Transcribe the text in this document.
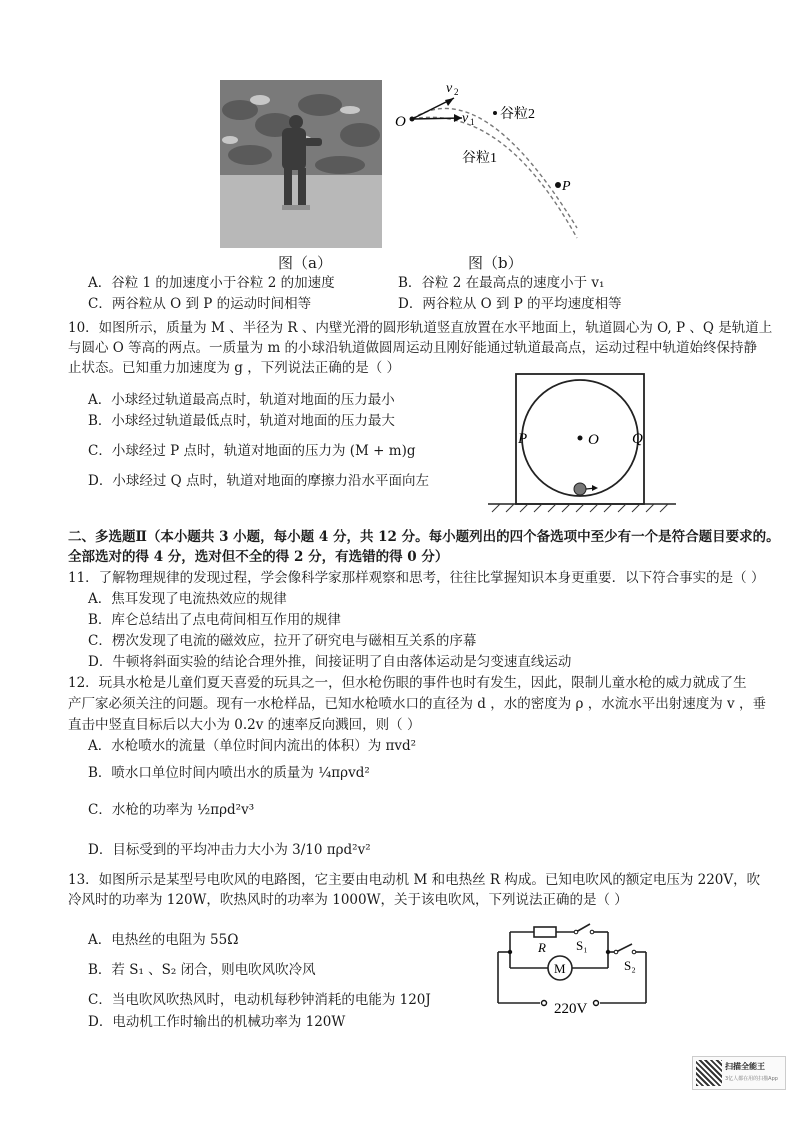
图（a）
O
v 2
v 1 谷粒2
谷粒1
P
图（b）
A．谷粒 1 的加速度小于谷粒 2 的加速度	B．谷粒 2 在最高点的速度小于 v₁
C．两谷粒从 O 到 P 的运动时间相等	D．两谷粒从 O 到 P 的平均速度相等
10．如图所示，质量为 M 、半径为 R 、内壁光滑的圆形轨道竖直放置在水平地面上，轨道圆心为 O, P 、Q 是轨道上
与圆心 O 等高的两点。一质量为 m 的小球沿轨道做圆周运动且刚好能通过轨道最高点，运动过程中轨道始终保持静
止状态。已知重力加速度为 g ，下列说法正确的是（ ）
A．小球经过轨道最高点时，轨道对地面的压力最小
B．小球经过轨道最低点时，轨道对地面的压力最大
C．小球经过 P 点时，轨道对地面的压力为 (M + m)g
D．小球经过 Q 点时，轨道对地面的摩擦力沿水平面向左
P	O Q
二、多选题Ⅱ（本小题共 3 小题，每小题 4 分，共 12 分。每小题列出的四个备选项中至少有一个是符合题目要求的。
全部选对的得 4 分，选对但不全的得 2 分，有选错的得 0 分）
11．了解物理规律的发现过程，学会像科学家那样观察和思考，往往比掌握知识本身更重要．以下符合事实的是（ ）
A．焦耳发现了电流热效应的规律
B．库仑总结出了点电荷间相互作用的规律
C．楞次发现了电流的磁效应，拉开了研究电与磁相互关系的序幕
D．牛顿将斜面实验的结论合理外推，间接证明了自由落体运动是匀变速直线运动
12．玩具水枪是儿童们夏天喜爱的玩具之一，但水枪伤眼的事件也时有发生，因此，限制儿童水枪的威力就成了生
产厂家必须关注的问题。现有一水枪样品，已知水枪喷水口的直径为 d ，水的密度为 ρ ，水流水平出射速度为 v ，垂
直击中竖直目标后以大小为 0.2v 的速率反向溅回，则（ ）
A．水枪喷水的流量（单位时间内流出的体积）为 πvd²
B．喷水口单位时间内喷出水的质量为 ¼πρvd²
C．水枪的功率为 ½πρd²v³
D．目标受到的平均冲击力大小为 3/10 πρd²v²
13．如图所示是某型号电吹风的电路图，它主要由电动机 M 和电热丝 R 构成。已知电吹风的额定电压为 220V，吹
冷风时的功率为 120W，吹热风时的功率为 1000W，关于该电吹风，下列说法正确的是（ ）
A．电热丝的电阻为 55Ω
B．若 S₁ 、S₂ 闭合，则电吹风吹冷风
C．当电吹风吹热风时，电动机每秒钟消耗的电能为 120J
D．电动机工作时输出的机械功率为 120W
R S₁
M	S₂
220V
扫描全能王
3亿人都在用的扫描App
